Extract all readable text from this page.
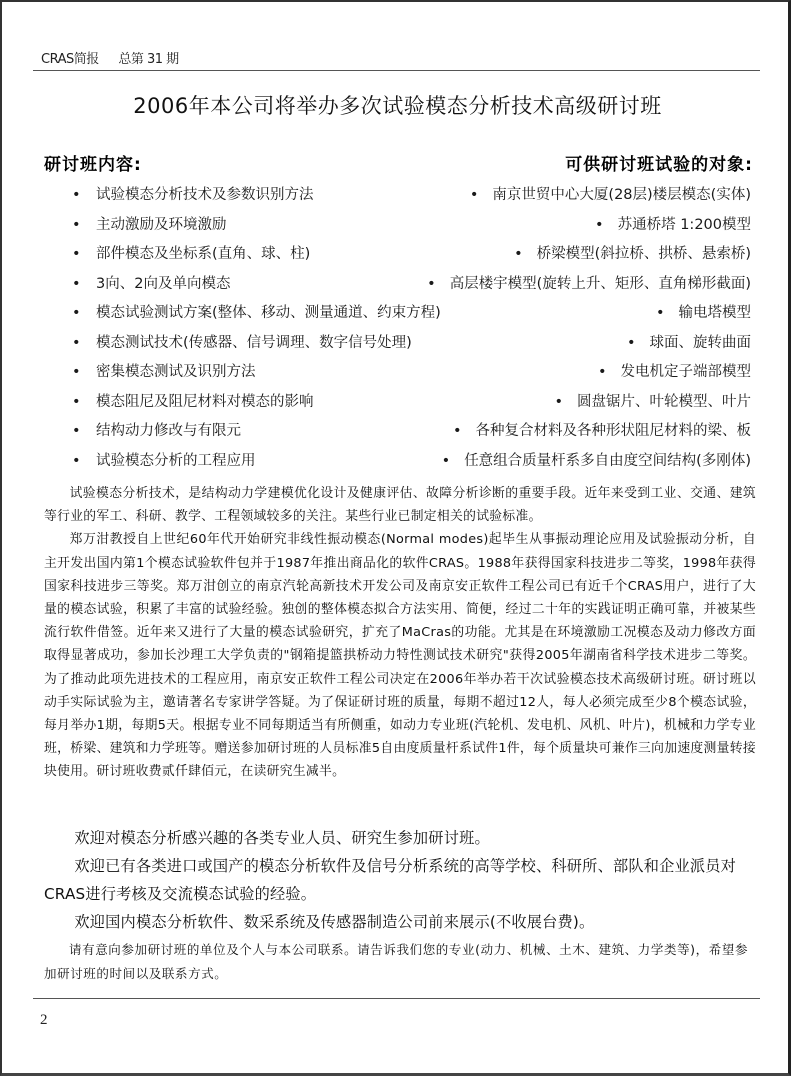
CRAS简报 总第 31 期
2006年本公司将举办多次试验模态分析技术高级研讨班
研讨班内容:	可供研讨班试验的对象:
• 试验模态分析技术及参数识别方法
• 主动激励及环境激励
• 部件模态及坐标系(直角、球、柱)
• 3向、2向及单向模态
• 模态试验测试方案(整体、移动、测量通道、约束方程)
• 模态测试技术(传感器、信号调理、数字信号处理)
• 密集模态测试及识别方法
• 模态阻尼及阻尼材料对模态的影响
• 结构动力修改与有限元
• 试验模态分析的工程应用
• 南京世贸中心大厦(28层)楼层模态(实体)
• 苏通桥塔 1:200模型
• 桥梁模型(斜拉桥、拱桥、悬索桥)
• 高层楼宇模型(旋转上升、矩形、直角梯形截面)
• 输电塔模型
• 球面、旋转曲面
• 发电机定子端部模型
• 圆盘锯片、叶轮模型、叶片
• 各种复合材料及各种形状阻尼材料的梁、板
• 任意组合质量杆系多自由度空间结构(多刚体)

试验模态分析技术，是结构动力学建模优化设计及健康评估、故障分析诊断的重要手段。近年来受到工业、交通、建筑等行业的军工、科研、教学、工程领域较多的关注。某些行业已制定相关的试验标准。

郑万泔教授自上世纪60年代开始研究非线性振动模态(Normal modes)起毕生从事振动理论应用及试验振动分析，自主开发出国内第1个模态试验软件包并于1987年推出商品化的软件CRAS。1988年获得国家科技进步二等奖，1998年获得国家科技进步三等奖。郑万泔创立的南京汽轮高新技术开发公司及南京安正软件工程公司已有近千个CRAS用户，进行了大量的模态试验，积累了丰富的试验经验。独创的整体模态拟合方法实用、简便，经过二十年的实践证明正确可靠，并被某些流行软件借签。近年来又进行了大量的模态试验研究，扩充了MaCras的功能。尤其是在环境激励工况模态及动力修改方面取得显著成功，参加长沙理工大学负责的"钢箱提篮拱桥动力特性测试技术研究"获得2005年湖南省科学技术进步二等奖。为了推动此项先进技术的工程应用，南京安正软件工程公司决定在2006年举办若干次试验模态技术高级研讨班。研讨班以动手实际试验为主，邀请著名专家讲学答疑。为了保证研讨班的质量，每期不超过12人，每人必须完成至少8个模态试验，每月举办1期，每期5天。根据专业不同每期适当有所侧重，如动力专业班(汽轮机、发电机、风机、叶片)，机械和力学专业班，桥梁、建筑和力学班等。赠送参加研讨班的人员标准5自由度质量杆系试件1件，每个质量块可兼作三向加速度测量转接块使用。研讨班收费贰仟肆佰元，在读研究生减半。

欢迎对模态分析感兴趣的各类专业人员、研究生参加研讨班。

欢迎已有各类进口或国产的模态分析软件及信号分析系统的高等学校、科研所、部队和企业派员对CRAS进行考核及交流模态试验的经验。

欢迎国内模态分析软件、数采系统及传感器制造公司前来展示(不收展台费)。

请有意向参加研讨班的单位及个人与本公司联系。请告诉我们您的专业(动力、机械、土木、建筑、力学类等)，希望参加研讨班的时间以及联系方式。

2
